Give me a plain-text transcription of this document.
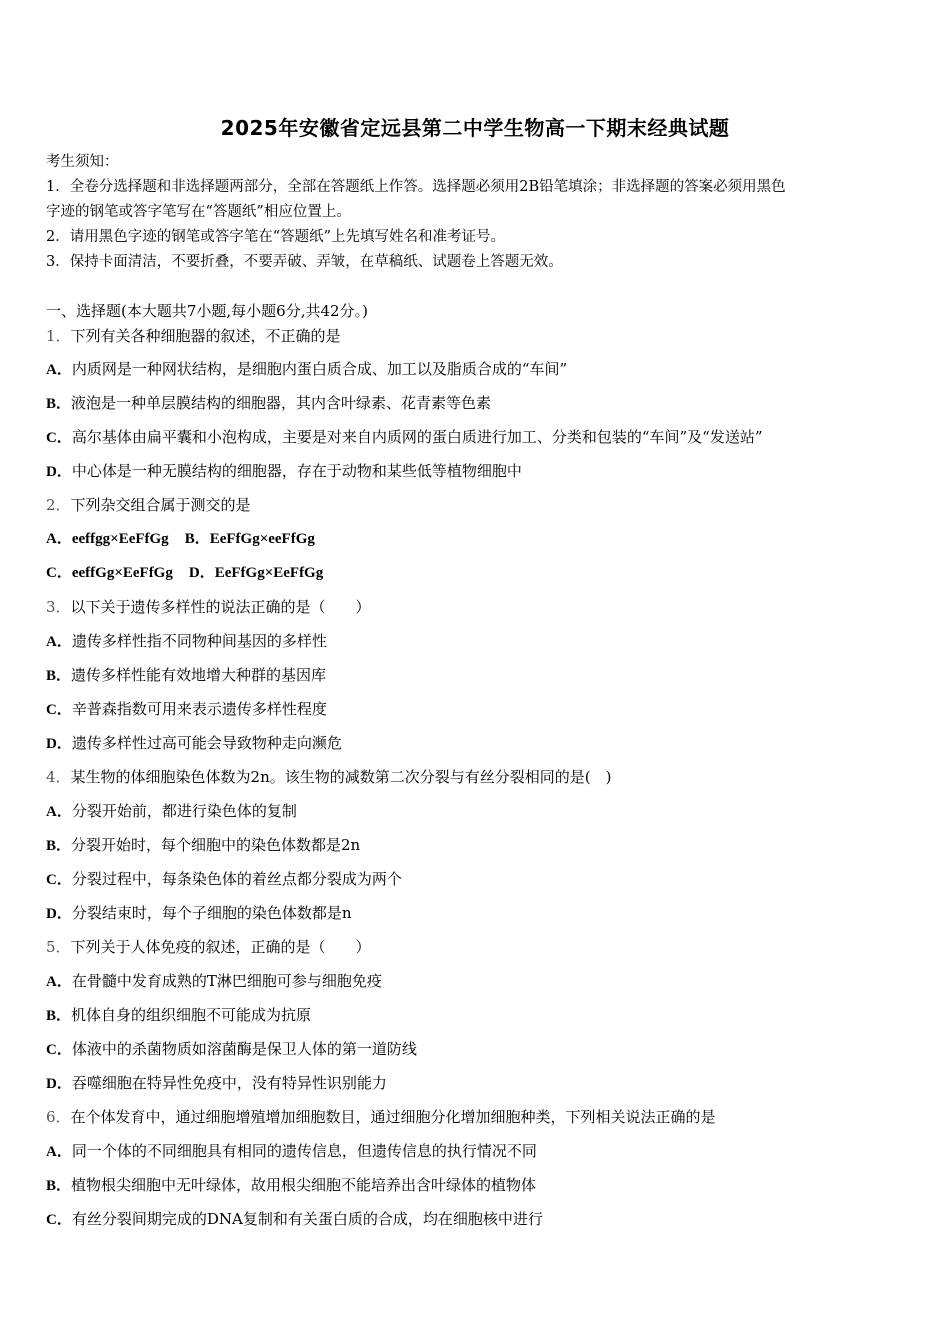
2025年安徽省定远县第二中学生物高一下期末经典试题

考生须知：

1．全卷分选择题和非选择题两部分，全部在答题纸上作答。选择题必须用2B铅笔填涂；非选择题的答案必须用黑色

字迹的钢笔或答字笔写在“答题纸”相应位置上。

2．请用黑色字迹的钢笔或答字笔在“答题纸”上先填写姓名和准考证号。

3．保持卡面清洁，不要折叠，不要弄破、弄皱，在草稿纸、试题卷上答题无效。

一、选择题(本大题共7小题,每小题6分,共42分。)
1．下列有关各种细胞器的叙述，不正确的是
A．内质网是一种网状结构，是细胞内蛋白质合成、加工以及脂质合成的“车间”
B．液泡是一种单层膜结构的细胞器，其内含叶绿素、花青素等色素
C．高尔基体由扁平囊和小泡构成，主要是对来自内质网的蛋白质进行加工、分类和包装的“车间”及“发送站”
D．中心体是一种无膜结构的细胞器，存在于动物和某些低等植物细胞中
2．下列杂交组合属于测交的是
A．eeffgg×EeFfGg B．EeFfGg×eeFfGg
C．eeffGg×EeFfGg D．EeFfGg×EeFfGg
3．以下关于遗传多样性的说法正确的是（　　）
A．遗传多样性指不同物种间基因的多样性
B．遗传多样性能有效地增大种群的基因库
C．辛普森指数可用来表示遗传多样性程度
D．遗传多样性过高可能会导致物种走向濒危
4．某生物的体细胞染色体数为2n。该生物的减数第二次分裂与有丝分裂相同的是(　)
A．分裂开始前，都进行染色体的复制
B．分裂开始时，每个细胞中的染色体数都是2n
C．分裂过程中，每条染色体的着丝点都分裂成为两个
D．分裂结束时，每个子细胞的染色体数都是n
5．下列关于人体免疫的叙述，正确的是（　　）
A．在骨髓中发育成熟的T淋巴细胞可参与细胞免疫
B．机体自身的组织细胞不可能成为抗原
C．体液中的杀菌物质如溶菌酶是保卫人体的第一道防线
D．吞噬细胞在特异性免疫中，没有特异性识别能力
6．在个体发育中，通过细胞增殖增加细胞数目，通过细胞分化增加细胞种类，下列相关说法正确的是
A．同一个体的不同细胞具有相同的遗传信息，但遗传信息的执行情况不同
B．植物根尖细胞中无叶绿体，故用根尖细胞不能培养出含叶绿体的植物体
C．有丝分裂间期完成的DNA复制和有关蛋白质的合成，均在细胞核中进行
